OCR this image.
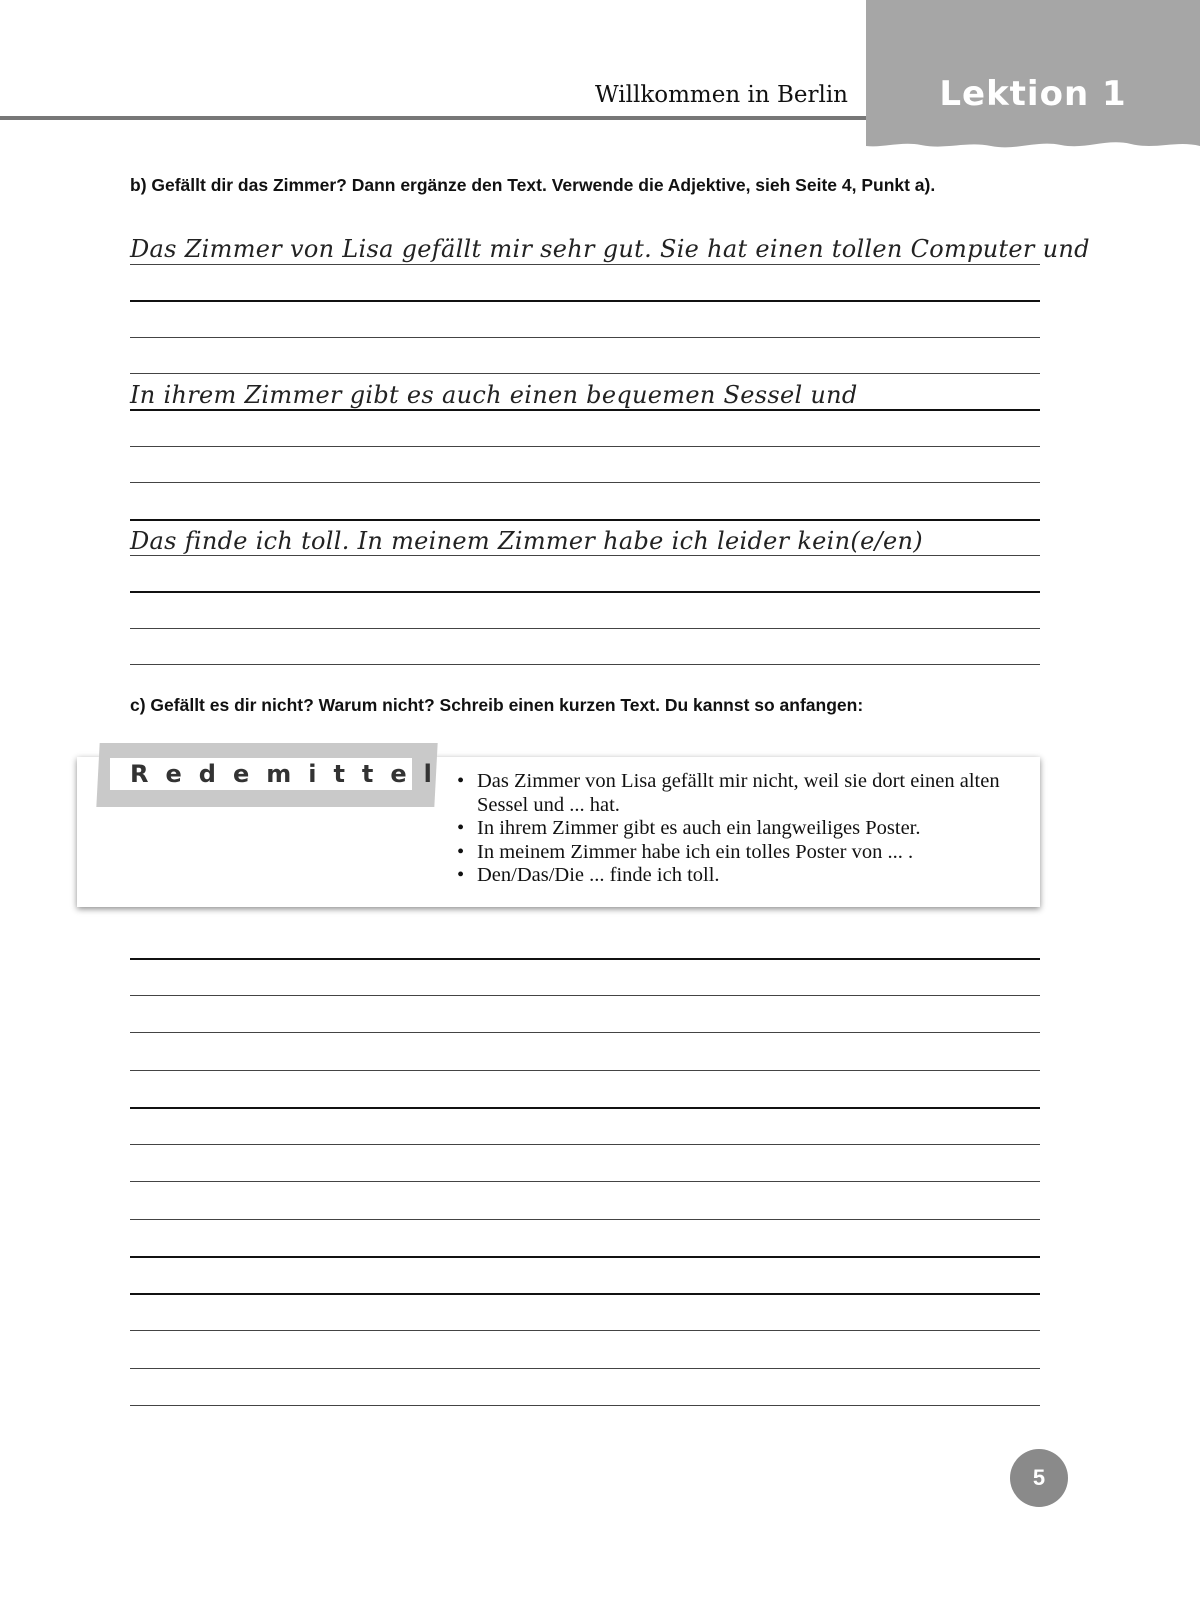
Willkommen in Berlin	Lektion 1
b) Gefällt dir das Zimmer? Dann ergänze den Text. Verwende die Adjektive, sieh Seite 4, Punkt a).
Das Zimmer von Lisa gefällt mir sehr gut. Sie hat einen tollen Computer und
In ihrem Zimmer gibt es auch einen bequemen Sessel und
Das finde ich toll. In meinem Zimmer habe ich leider kein(e/en)
c) Gefällt es dir nicht? Warum nicht? Schreib einen kurzen Text. Du kannst so anfangen:
Redemittel
•	Das Zimmer von Lisa gefällt mir nicht, weil sie dort einen alten Sessel und ... hat.
• In ihrem Zimmer gibt es auch ein langweiliges Poster.
• In meinem Zimmer habe ich ein tolles Poster von ... .
• Den/Das/Die ... finde ich toll.
5
